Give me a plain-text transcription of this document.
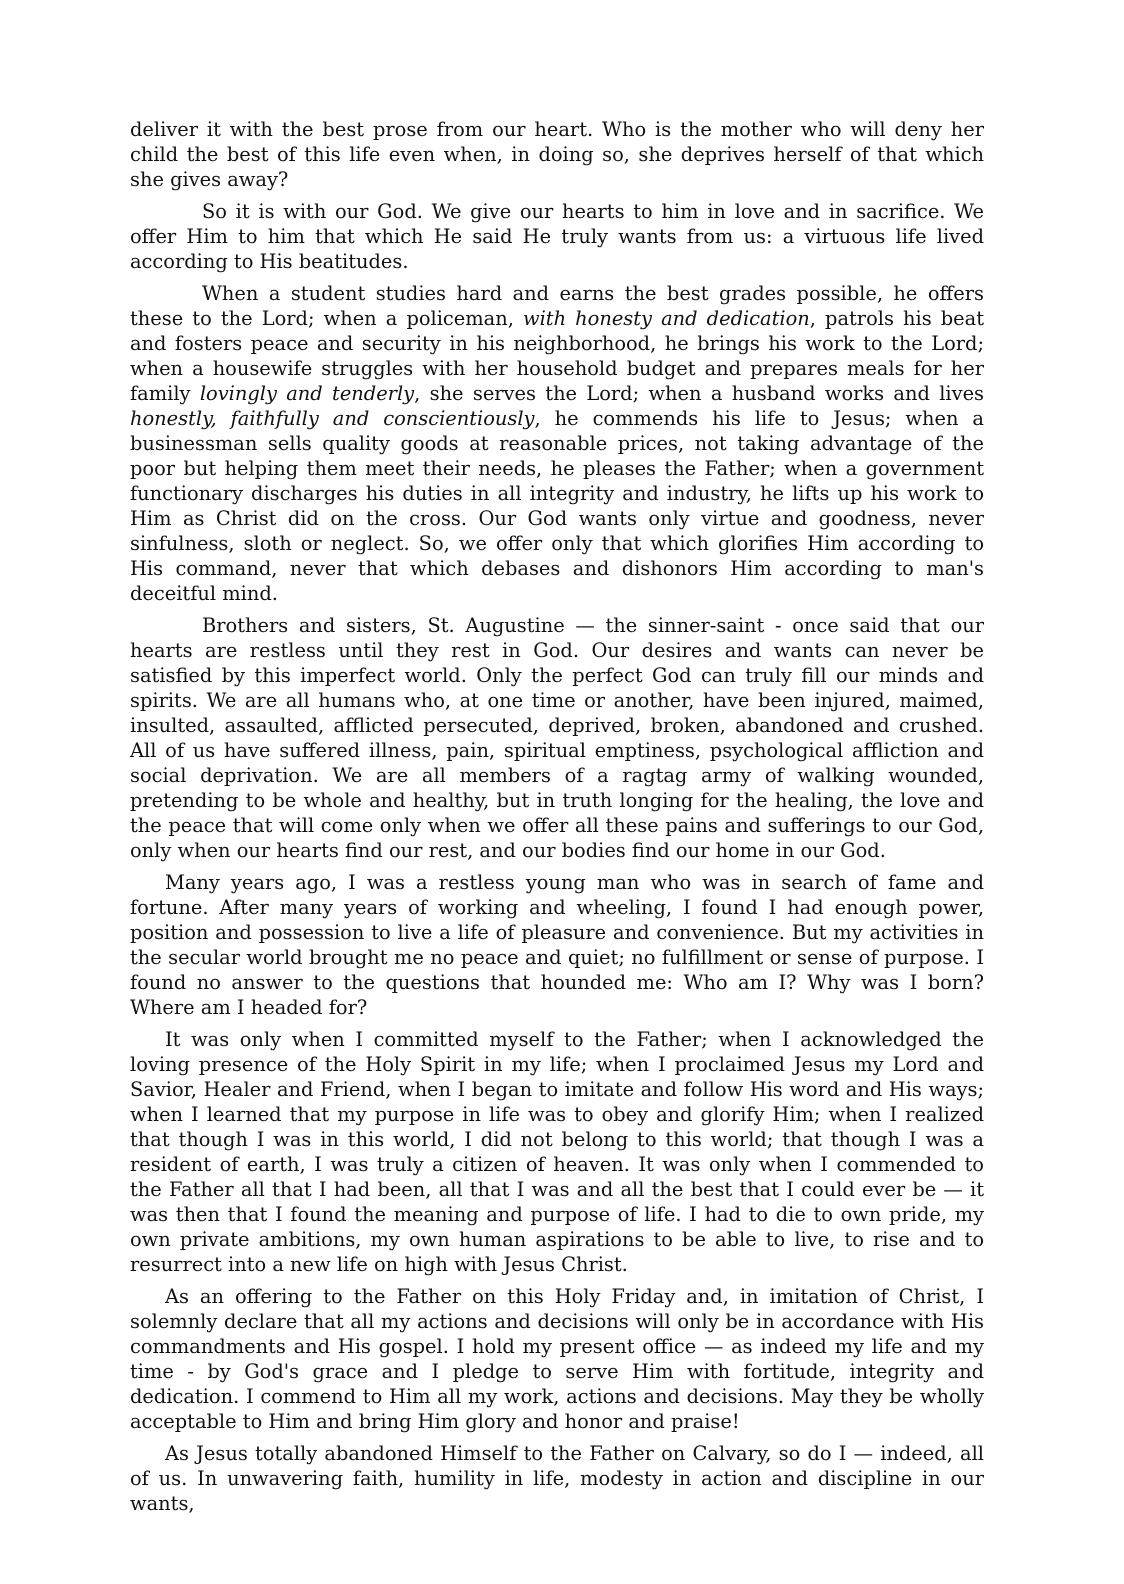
deliver it with the best prose from our heart. Who is the mother who will deny her child the best of this life even when, in doing so, she deprives herself of that which she gives away?

So it is with our God. We give our hearts to him in love and in sacrifice. We offer Him to him that which He said He truly wants from us: a virtuous life lived according to His beatitudes.

When a student studies hard and earns the best grades possible, he offers these to the Lord; when a policeman, with honesty and dedication, patrols his beat and fosters peace and security in his neighborhood, he brings his work to the Lord; when a housewife struggles with her household budget and prepares meals for her family lovingly and tenderly, she serves the Lord; when a husband works and lives honestly, faithfully and conscientiously, he commends his life to Jesus; when a businessman sells quality goods at reasonable prices, not taking advantage of the poor but helping them meet their needs, he pleases the Father; when a government functionary discharges his duties in all integrity and industry, he lifts up his work to Him as Christ did on the cross. Our God wants only virtue and goodness, never sinfulness, sloth or neglect. So, we offer only that which glorifies Him according to His command, never that which debases and dishonors Him according to man's deceitful mind.

Brothers and sisters, St. Augustine — the sinner-saint - once said that our hearts are restless until they rest in God. Our desires and wants can never be satisfied by this imperfect world. Only the perfect God can truly fill our minds and spirits. We are all humans who, at one time or another, have been injured, maimed, insulted, assaulted, afflicted persecuted, deprived, broken, abandoned and crushed. All of us have suffered illness, pain, spiritual emptiness, psychological affliction and social deprivation. We are all members of a ragtag army of walking wounded, pretending to be whole and healthy, but in truth longing for the healing, the love and the peace that will come only when we offer all these pains and sufferings to our God, only when our hearts find our rest, and our bodies find our home in our God.

Many years ago, I was a restless young man who was in search of fame and fortune. After many years of working and wheeling, I found I had enough power, position and possession to live a life of pleasure and convenience. But my activities in the secular world brought me no peace and quiet; no fulfillment or sense of purpose. I found no answer to the questions that hounded me: Who am I? Why was I born? Where am I headed for?

It was only when I committed myself to the Father; when I acknowledged the loving presence of the Holy Spirit in my life; when I proclaimed Jesus my Lord and Savior, Healer and Friend, when I began to imitate and follow His word and His ways; when I learned that my purpose in life was to obey and glorify Him; when I realized that though I was in this world, I did not belong to this world; that though I was a resident of earth, I was truly a citizen of heaven. It was only when I commended to the Father all that I had been, all that I was and all the best that I could ever be — it was then that I found the meaning and purpose of life. I had to die to own pride, my own private ambitions, my own human aspirations to be able to live, to rise and to resurrect into a new life on high with Jesus Christ.

As an offering to the Father on this Holy Friday and, in imitation of Christ, I solemnly declare that all my actions and decisions will only be in accordance with His commandments and His gospel. I hold my present office — as indeed my life and my time - by God's grace and I pledge to serve Him with fortitude, integrity and dedication. I commend to Him all my work, actions and decisions. May they be wholly acceptable to Him and bring Him glory and honor and praise!

As Jesus totally abandoned Himself to the Father on Calvary, so do I — indeed, all of us. In unwavering faith, humility in life, modesty in action and discipline in our wants,
